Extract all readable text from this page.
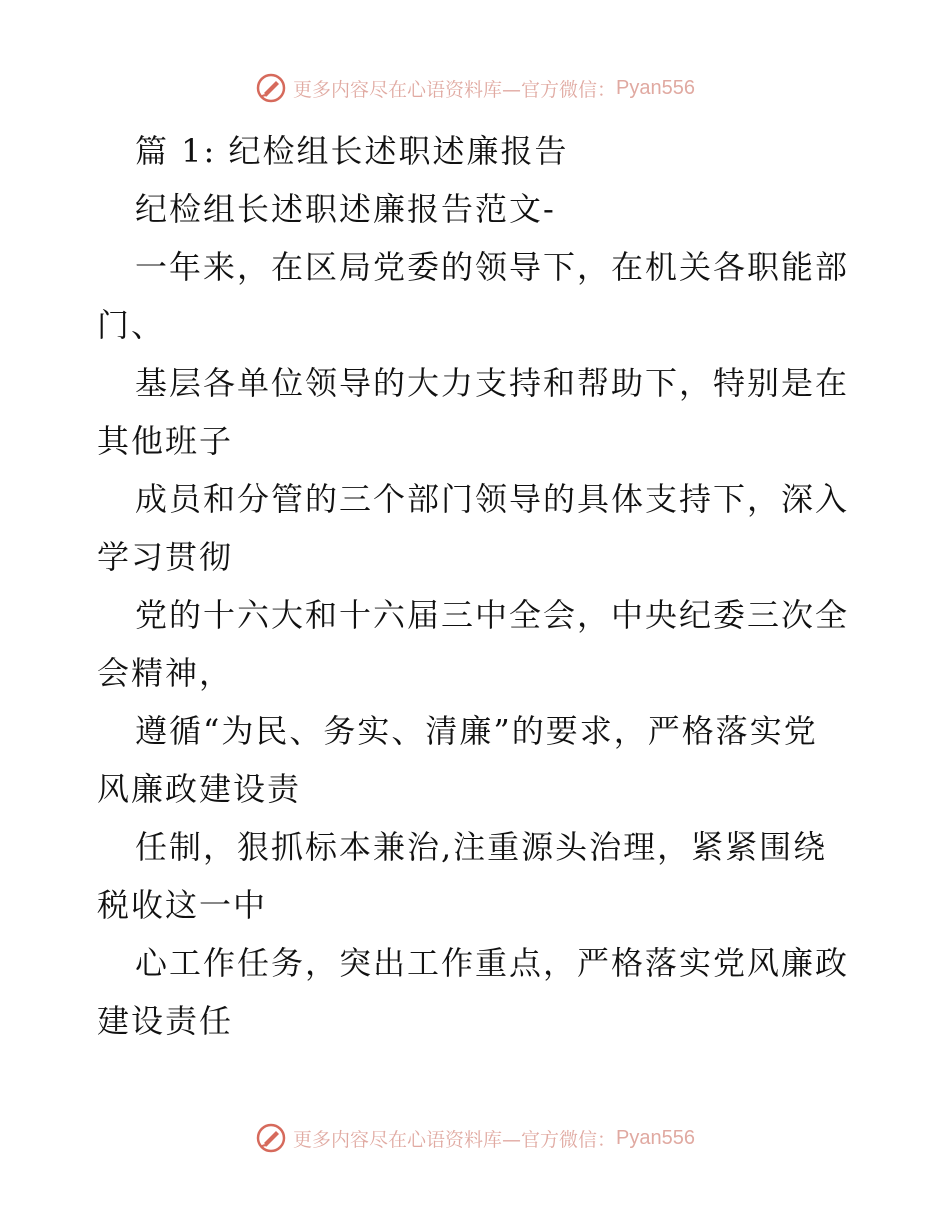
更多内容尽在心语资料库—官方微信： Pyan556
篇 1: 纪检组长述职述廉报告
纪检组长述职述廉报告范文-
一年来，在区局党委的领导下，在机关各职能部
门、
基层各单位领导的大力支持和帮助下，特别是在
其他班子
成员和分管的三个部门领导的具体支持下，深入
学习贯彻
党的十六大和十六届三中全会，中央纪委三次全
会精神，
遵循“为民、务实、清廉”的要求，严格落实党
风廉政建设责
任制，狠抓标本兼治,注重源头治理，紧紧围绕
税收这一中
心工作任务，突出工作重点，严格落实党风廉政
建设责任
更多内容尽在心语资料库—官方微信： Pyan556
